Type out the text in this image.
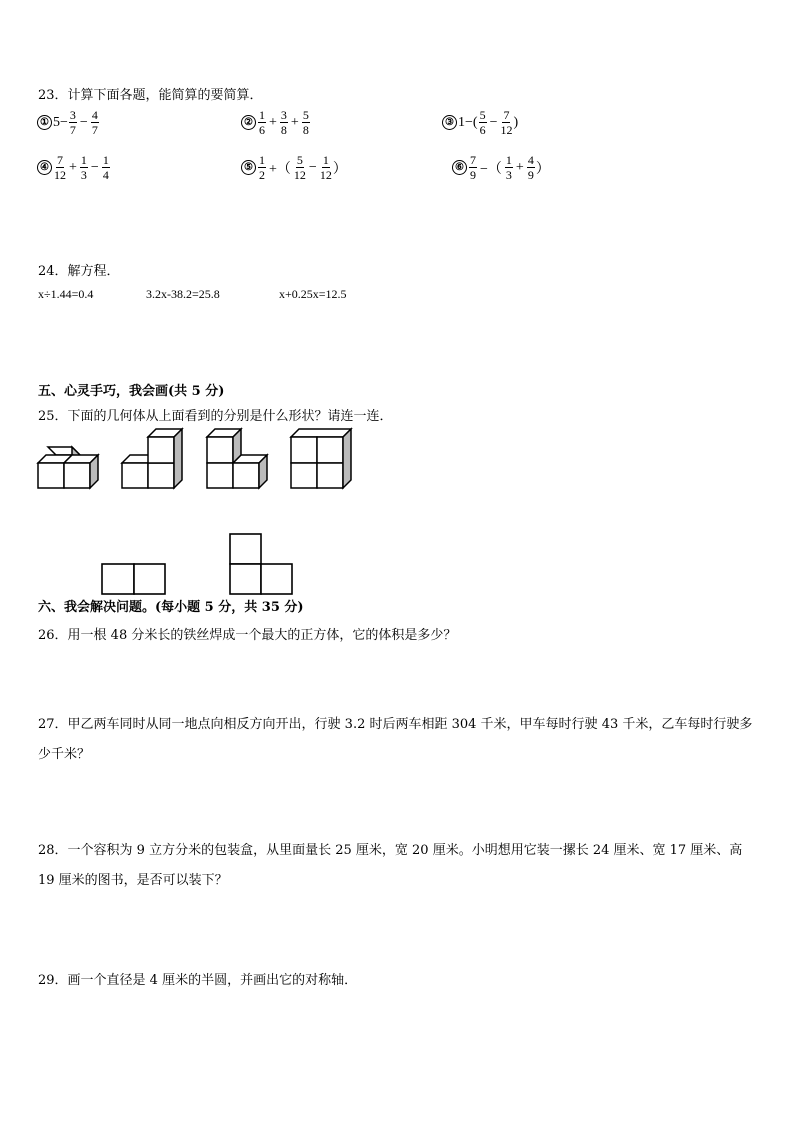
23．计算下面各题，能简算的要简算．
① $5- \frac{3}{7} - \frac{4}{7}$	② $\frac{1}{6} + \frac{3}{8} + \frac{5}{8}$	③ $1-( \frac{5}{6} - \frac{7}{12}$ )
④ $\frac{7}{12} + \frac{1}{3} - \frac{1}{4}$	⑤ $\frac{1}{2}$ +（ $\frac{5}{12} - \frac{1}{12}$ ）	⑥ $\frac{7}{9}$ −（ $\frac{1}{3} + \frac{4}{9}$ ）
24．解方程．
x÷1.44=0.4	3.2x-38.2=25.8	x+0.25x=12.5
五、心灵手巧，我会画(共 5 分)
25．下面的几何体从上面看到的分别是什么形状？请连一连．
六、我会解决问题。(每小题 5 分，共 35 分)
26．用一根 48 分米长的铁丝焊成一个最大的正方体，它的体积是多少？
27．甲乙两车同时从同一地点向相反方向开出，行驶 3.2 时后两车相距 304 千米，甲车每时行驶 43 千米，乙车每时行驶多少千米？
28．一个容积为 9 立方分米的包装盒，从里面量长 25 厘米，宽 20 厘米。小明想用它装一摞长 24 厘米、宽 17 厘米、高 19 厘米的图书，是否可以装下？
29．画一个直径是 4 厘米的半圆，并画出它的对称轴．
